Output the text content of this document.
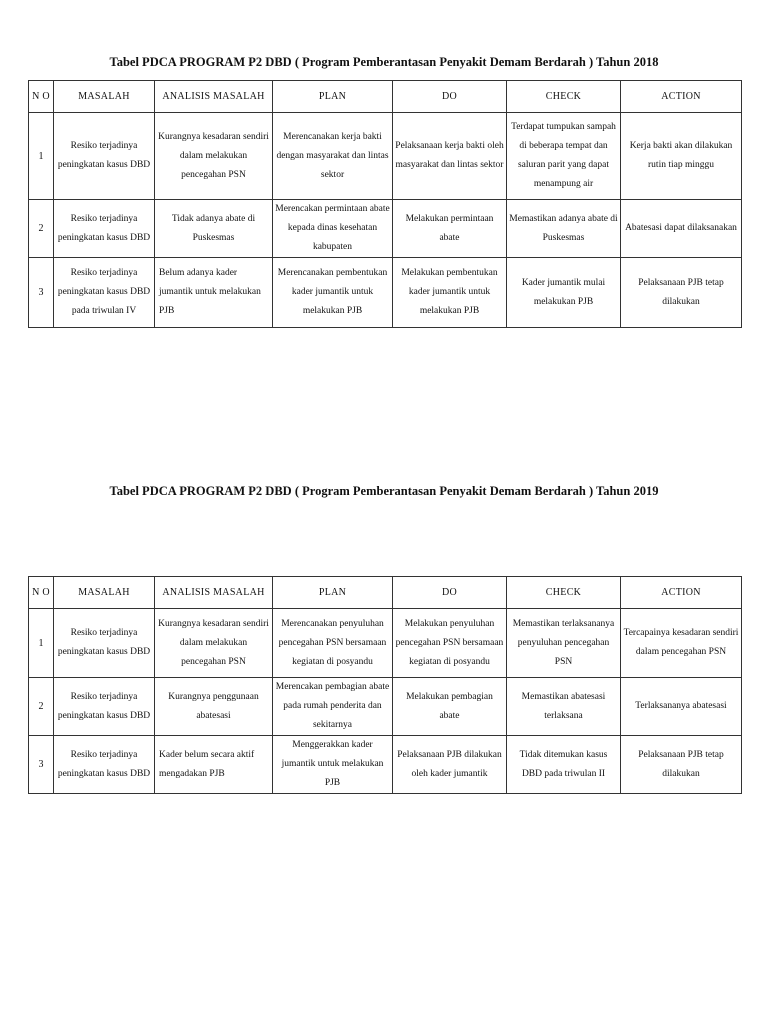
Tabel PDCA PROGRAM P2 DBD ( Program Pemberantasan Penyakit Demam Berdarah ) Tahun 2018
N O	MASALAH	ANALISIS MASALAH	PLAN	DO	CHECK	ACTION
1	Resiko terjadinya peningkatan kasus DBD	Kurangnya kesadaran sendiri dalam melakukan pencegahan PSN	Merencanakan kerja bakti dengan masyarakat dan lintas sektor	Pelaksanaan kerja bakti oleh masyarakat dan lintas sektor	Terdapat tumpukan sampah di beberapa tempat dan saluran parit yang dapat menampung air	Kerja bakti akan dilakukan rutin tiap minggu
2	Resiko terjadinya peningkatan kasus DBD	Tidak adanya abate di Puskesmas	Merencakan permintaan abate kepada dinas kesehatan kabupaten	Melakukan permintaan abate	Memastikan adanya abate di Puskesmas	Abatesasi dapat dilaksanakan
3	Resiko terjadinya peningkatan kasus DBD pada triwulan IV	Belum adanya kader jumantik untuk melakukan PJB	Merencanakan pembentukan kader jumantik untuk melakukan PJB	Melakukan pembentukan kader jumantik untuk melakukan PJB	Kader jumantik mulai melakukan PJB	Pelaksanaan PJB tetap dilakukan
Tabel PDCA PROGRAM P2 DBD ( Program Pemberantasan Penyakit Demam Berdarah ) Tahun 2019
N O	MASALAH	ANALISIS MASALAH	PLAN	DO	CHECK	ACTION
1	Resiko terjadinya peningkatan kasus DBD	Kurangnya kesadaran sendiri dalam melakukan pencegahan PSN	Merencanakan penyuluhan pencegahan PSN bersamaan kegiatan di posyandu	Melakukan penyuluhan pencegahan PSN bersamaan kegiatan di posyandu	Memastikan terlaksananya penyuluhan pencegahan PSN	Tercapainya kesadaran sendiri dalam pencegahan PSN
2	Resiko terjadinya peningkatan kasus DBD	Kurangnya penggunaan abatesasi	Merencakan pembagian abate pada rumah penderita dan sekitarnya	Melakukan pembagian abate	Memastikan abatesasi terlaksana	Terlaksananya abatesasi
3	Resiko terjadinya peningkatan kasus DBD	Kader belum secara aktif mengadakan PJB	Menggerakkan kader jumantik untuk melakukan PJB	Pelaksanaan PJB dilakukan oleh kader jumantik	Tidak ditemukan kasus DBD pada triwulan II	Pelaksanaan PJB tetap dilakukan
